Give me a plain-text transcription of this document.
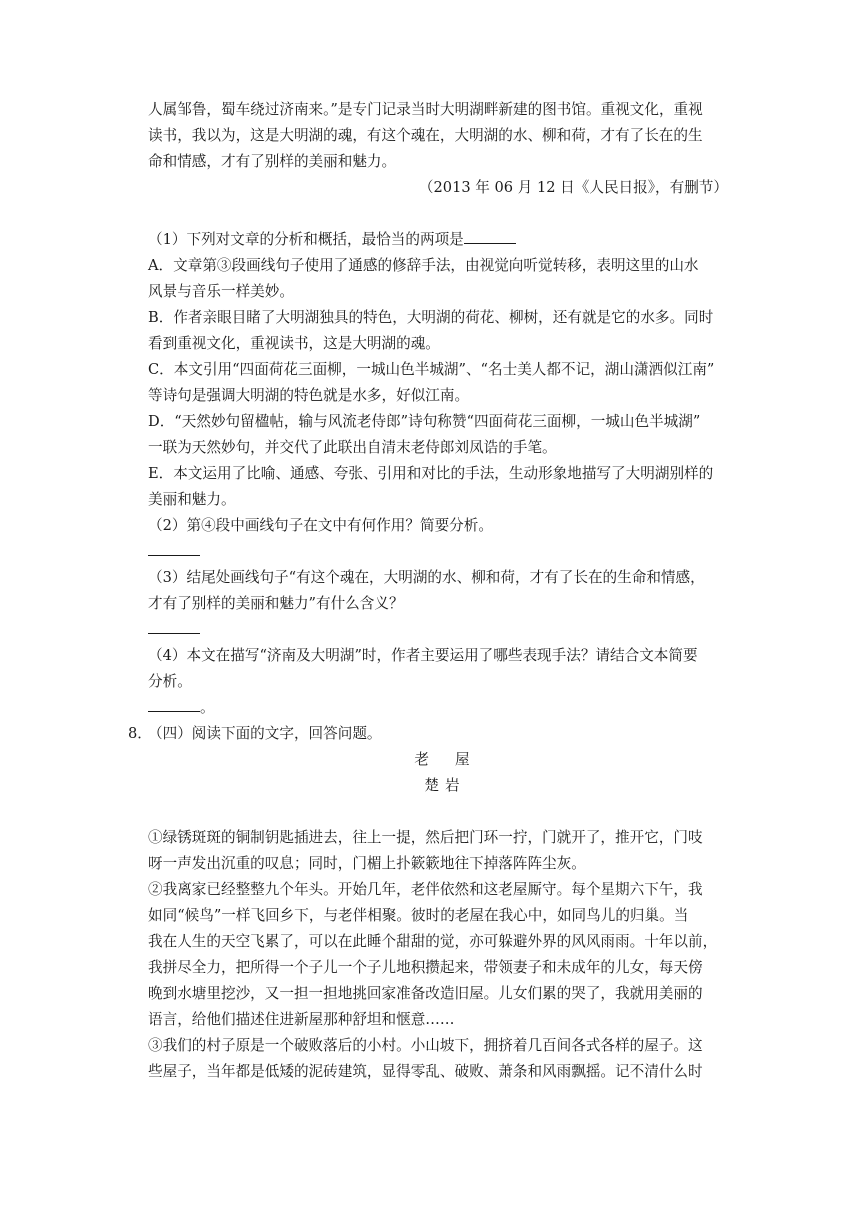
人属邹鲁，蜀车绕过济南来。”是专门记录当时大明湖畔新建的图书馆。重视文化，重视
读书，我以为，这是大明湖的魂，有这个魂在，大明湖的水、柳和荷，才有了长在的生
命和情感，才有了别样的美丽和魅力。
（2013 年 06 月 12 日《人民日报》，有删节）
（1）下列对文章的分析和概括，最恰当的两项是
A．文章第③段画线句子使用了通感的修辞手法，由视觉向听觉转移，表明这里的山水
风景与音乐一样美妙。
B．作者亲眼目睹了大明湖独具的特色，大明湖的荷花、柳树，还有就是它的水多。同时
看到重视文化，重视读书，这是大明湖的魂。
C．本文引用“四面荷花三面柳，一城山色半城湖”、“名士美人都不记，湖山潇洒似江南”
等诗句是强调大明湖的特色就是水多，好似江南。
D．“天然妙句留楹帖，输与风流老侍郎”诗句称赞“四面荷花三面柳，一城山色半城湖”
一联为天然妙句，并交代了此联出自清末老侍郎刘凤诰的手笔。
E．本文运用了比喻、通感、夸张、引用和对比的手法，生动形象地描写了大明湖别样的
美丽和魅力。
（2）第④段中画线句子在文中有何作用？简要分析。
（3）结尾处画线句子“有这个魂在，大明湖的水、柳和荷，才有了长在的生命和情感，
才有了别样的美丽和魅力”有什么含义？
（4）本文在描写“济南及大明湖”时，作者主要运用了哪些表现手法？请结合文本简要
分析。
。
8．
（四）阅读下面的文字，回答问题。
老屋
楚岩
①绿锈斑斑的铜制钥匙插进去，往上一提，然后把门环一拧，门就开了，推开它，门吱
呀一声发出沉重的叹息；同时，门楣上扑簌簌地往下掉落阵阵尘灰。
②我离家已经整整九个年头。开始几年，老伴依然和这老屋厮守。每个星期六下午，我
如同“候鸟”一样飞回乡下，与老伴相聚。彼时的老屋在我心中，如同鸟儿的归巢。当
我在人生的天空飞累了，可以在此睡个甜甜的觉，亦可躲避外界的风风雨雨。十年以前，
我拼尽全力，把所得一个子儿一个子儿地积攒起来，带领妻子和未成年的儿女，每天傍
晚到水塘里挖沙，又一担一担地挑回家准备改造旧屋。儿女们累的哭了，我就用美丽的
语言，给他们描述住进新屋那种舒坦和惬意……
③我们的村子原是一个破败落后的小村。小山坡下，拥挤着几百间各式各样的屋子。这
些屋子，当年都是低矮的泥砖建筑，显得零乱、破败、萧条和风雨飘摇。记不清什么时
